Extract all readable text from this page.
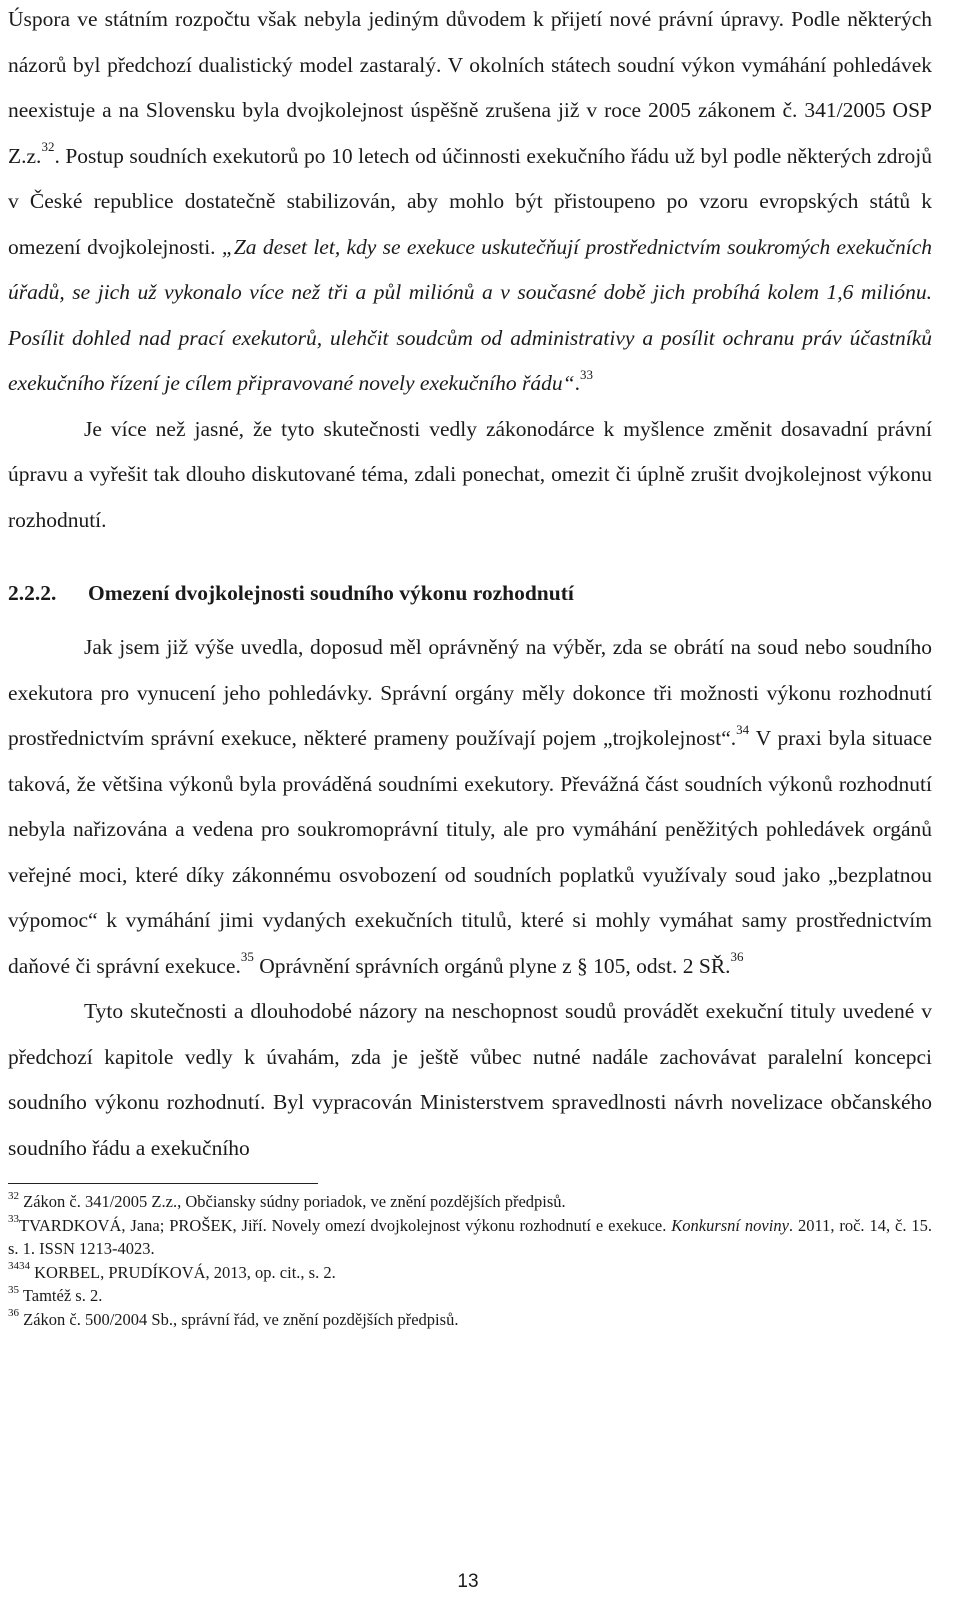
Úspora ve státním rozpočtu však nebyla jediným důvodem k přijetí nové právní úpravy. Podle některých názorů byl předchozí dualistický model zastaralý. V okolních státech soudní výkon vymáhání pohledávek neexistuje a na Slovensku byla dvojkolejnost úspěšně zrušena již v roce 2005 zákonem č. 341/2005 OSP Z.z.$^{32}$. Postup soudních exekutorů po 10 letech od účinnosti exekučního řádu už byl podle některých zdrojů v České republice dostatečně stabilizován, aby mohlo být přistoupeno po vzoru evropských států k omezení dvojkolejnosti. „Za deset let, kdy se exekuce uskutečňují prostřednictvím soukromých exekučních úřadů, se jich už vykonalo více než tři a půl miliónů a v současné době jich probíhá kolem 1,6 miliónu. Posílit dohled nad prací exekutorů, ulehčit soudcům od administrativy a posílit ochranu práv účastníků exekučního řízení je cílem připravované novely exekučního řádu“.$^{33}$

Je více než jasné, že tyto skutečnosti vedly zákonodárce k myšlence změnit dosavadní právní úpravu a vyřešit tak dlouho diskutované téma, zdali ponechat, omezit či úplně zrušit dvojkolejnost výkonu rozhodnutí.

2.2.2. Omezení dvojkolejnosti soudního výkonu rozhodnutí

Jak jsem již výše uvedla, doposud měl oprávněný na výběr, zda se obrátí na soud nebo soudního exekutora pro vynucení jeho pohledávky. Správní orgány měly dokonce tři možnosti výkonu rozhodnutí prostřednictvím správní exekuce, některé prameny používají pojem „trojkolejnost“.$^{34}$ V praxi byla situace taková, že většina výkonů byla prováděná soudními exekutory. Převážná část soudních výkonů rozhodnutí nebyla nařizována a vedena pro soukromoprávní tituly, ale pro vymáhání peněžitých pohledávek orgánů veřejné moci, které díky zákonnému osvobození od soudních poplatků využívaly soud jako „bezplatnou výpomoc“ k vymáhání jimi vydaných exekučních titulů, které si mohly vymáhat samy prostřednictvím daňové či správní exekuce.$^{35}$ Oprávnění správních orgánů plyne z § 105, odst. 2 SŘ.$^{36}$

Tyto skutečnosti a dlouhodobé názory na neschopnost soudů provádět exekuční tituly uvedené v předchozí kapitole vedly k úvahám, zda je ještě vůbec nutné nadále zachovávat paralelní koncepci soudního výkonu rozhodnutí. Byl vypracován Ministerstvem spravedlnosti návrh novelizace občanského soudního řádu a exekučního

$^{32}$ Zákon č. 341/2005 Z.z., Občiansky súdny poriadok, ve znění pozdějších předpisů.

$^{33}$TVARDKOVÁ, Jana; PROŠEK, Jiří. Novely omezí dvojkolejnost výkonu rozhodnutí e exekuce. Konkursní noviny. 2011, roč. 14, č. 15. s. 1. ISSN 1213-4023.

$^{3434}$ KORBEL, PRUDÍKOVÁ, 2013, op. cit., s. 2.

$^{35}$ Tamtéž s. 2.

$^{36}$ Zákon č. 500/2004 Sb., správní řád, ve znění pozdějších předpisů.

13
